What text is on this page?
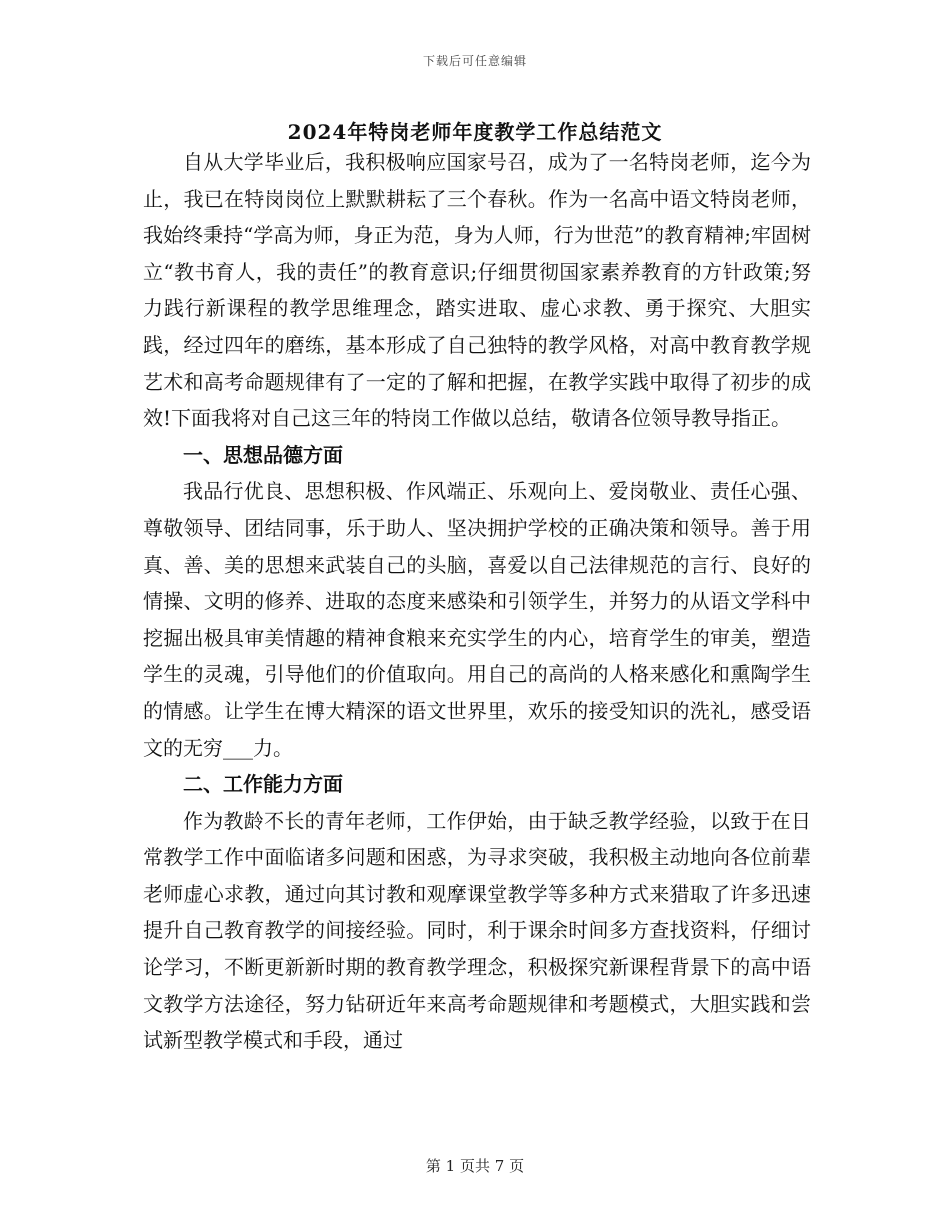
下载后可任意编辑
2024年特岗老师年度教学工作总结范文

自从大学毕业后，我积极响应国家号召，成为了一名特岗老师，迄今为止，我已在特岗岗位上默默耕耘了三个春秋。作为一名高中语文特岗老师，我始终秉持“学高为师，身正为范，身为人师，行为世范”的教育精神;牢固树立“教书育人，我的责任”的教育意识;仔细贯彻国家素养教育的方针政策;努力践行新课程的教学思维理念，踏实进取、虚心求教、勇于探究、大胆实践，经过四年的磨练，基本形成了自己独特的教学风格，对高中教育教学规艺术和高考命题规律有了一定的了解和把握，在教学实践中取得了初步的成效!下面我将对自己这三年的特岗工作做以总结，敬请各位领导教导指正。

一、思想品德方面

我品行优良、思想积极、作风端正、乐观向上、爱岗敬业、责任心强、尊敬领导、团结同事，乐于助人、坚决拥护学校的正确决策和领导。善于用真、善、美的思想来武装自己的头脑，喜爱以自己法律规范的言行、良好的情操、文明的修养、进取的态度来感染和引领学生，并努力的从语文学科中挖掘出极具审美情趣的精神食粮来充实学生的内心，培育学生的审美，塑造学生的灵魂，引导他们的价值取向。用自己的高尚的人格来感化和熏陶学生的情感。让学生在博大精深的语文世界里，欢乐的接受知识的洗礼，感受语文的无穷___力。

二、工作能力方面

作为教龄不长的青年老师，工作伊始，由于缺乏教学经验，以致于在日常教学工作中面临诸多问题和困惑，为寻求突破，我积极主动地向各位前辈老师虚心求教，通过向其讨教和观摩课堂教学等多种方式来猎取了许多迅速提升自己教育教学的间接经验。同时，利于课余时间多方查找资料，仔细讨论学习，不断更新新时期的教育教学理念，积极探究新课程背景下的高中语文教学方法途径，努力钻研近年来高考命题规律和考题模式，大胆实践和尝试新型教学模式和手段，通过

第 1 页共 7 页
